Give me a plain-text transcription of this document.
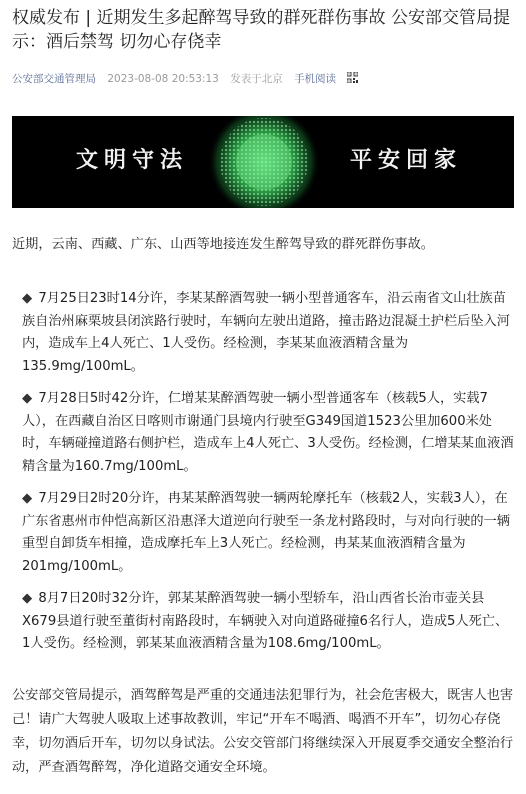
权威发布 | 近期发生多起醉驾导致的群死群伤事故 公安部交管局提示：酒后禁驾 切勿心存侥幸
公安部交通管理局 2023-08-08 20:53:13 发表于北京 手机阅读
文明守法	平安回家

近期，云南、西藏、广东、山西等地接连发生醉驾导致的群死群伤事故。

◆ 7月25日23时14分许，李某某醉酒驾驶一辆小型普通客车，沿云南省文山壮族苗族自治州麻栗坡县闭滨路行驶时，车辆向左驶出道路，撞击路边混凝土护栏后坠入河内，造成车上4人死亡、1人受伤。经检测，李某某血液酒精含量为135.9mg/100mL。

◆ 7月28日5时42分许，仁增某某醉酒驾驶一辆小型普通客车（核载5人，实载7人），在西藏自治区日喀则市谢通门县境内行驶至G349国道1523公里加600米处时，车辆碰撞道路右侧护栏，造成车上4人死亡、3人受伤。经检测，仁增某某血液酒精含量为160.7mg/100mL。

◆ 7月29日2时20分许，冉某某醉酒驾驶一辆两轮摩托车（核载2人，实载3人），在广东省惠州市仲恺高新区沿惠泽大道逆向行驶至一条龙村路段时，与对向行驶的一辆重型自卸货车相撞，造成摩托车上3人死亡。经检测，冉某某血液酒精含量为201mg/100mL。

◆ 8月7日20时32分许，郭某某醉酒驾驶一辆小型轿车，沿山西省长治市壶关县X679县道行驶至董街村南路段时，车辆驶入对向道路碰撞6名行人，造成5人死亡、1人受伤。经检测，郭某某血液酒精含量为108.6mg/100mL。

公安部交管局提示，酒驾醉驾是严重的交通违法犯罪行为，社会危害极大，既害人也害己！请广大驾驶人吸取上述事故教训，牢记“开车不喝酒、喝酒不开车”，切勿心存侥幸，切勿酒后开车，切勿以身试法。公安交管部门将继续深入开展夏季交通安全整治行动，严查酒驾醉驾，净化道路交通安全环境。
